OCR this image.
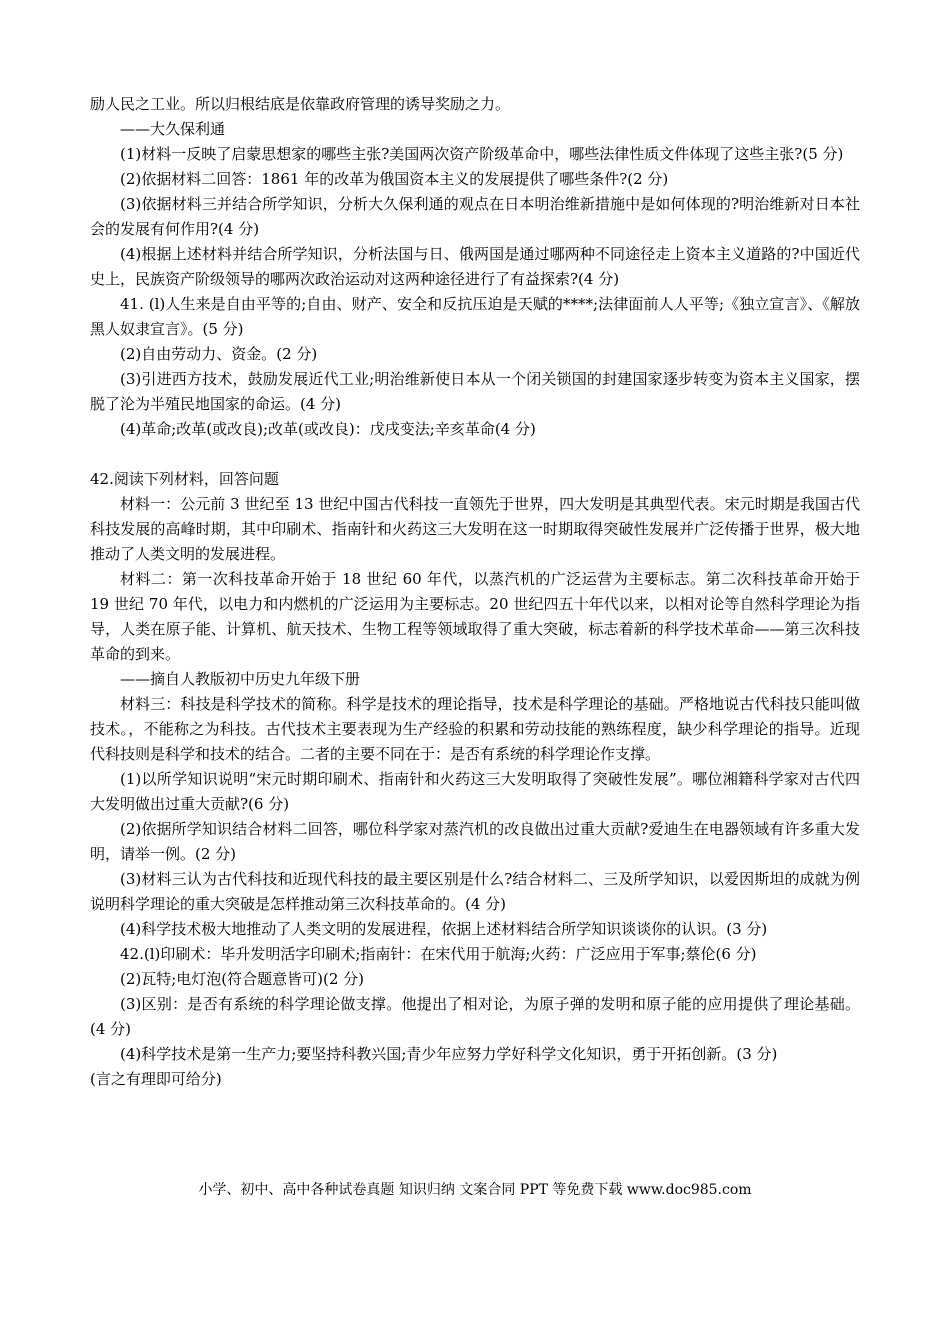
励人民之工业。所以归根结底是依靠政府管理的诱导奖励之力。

——大久保利通

(1)材料一反映了启蒙思想家的哪些主张?美国两次资产阶级革命中，哪些法律性质文件体现了这些主张?(5 分)

(2)依据材料二回答：1861 年的改革为俄国资本主义的发展提供了哪些条件?(2 分)

(3)依据材料三并结合所学知识，分析大久保利通的观点在日本明治维新措施中是如何体现的?明治维新对日本社会的发展有何作用?(4 分)

(4)根据上述材料并结合所学知识，分析法国与日、俄两国是通过哪两种不同途径走上资本主义道路的?中国近代史上，民族资产阶级领导的哪两次政治运动对这两种途径进行了有益探索?(4 分)

41. (l)人生来是自由平等的;自由、财产、安全和反抗压迫是天赋的****;法律面前人人平等;《独立宣言》、《解放黑人奴隶宣言》。(5 分)

(2)自由劳动力、资金。(2 分)

(3)引进西方技术，鼓励发展近代工业;明治维新使日本从一个闭关锁国的封建国家逐步转变为资本主义国家，摆脱了沦为半殖民地国家的命运。(4 分)

(4)革命;改革(或改良);改革(或改良)：戊戌变法;辛亥革命(4 分)

42.阅读下列材料，回答问题

材料一：公元前 3 世纪至 13 世纪中国古代科技一直领先于世界，四大发明是其典型代表。宋元时期是我国古代科技发展的高峰时期，其中印刷术、指南针和火药这三大发明在这一时期取得突破性发展并广泛传播于世界，极大地推动了人类文明的发展进程。

材料二：第一次科技革命开始于 18 世纪 60 年代，以蒸汽机的广泛运营为主要标志。第二次科技革命开始于 19 世纪 70 年代，以电力和内燃机的广泛运用为主要标志。20 世纪四五十年代以来，以相对论等自然科学理论为指导，人类在原子能、计算机、航天技术、生物工程等领域取得了重大突破，标志着新的科学技术革命——第三次科技革命的到来。

——摘自人教版初中历史九年级下册

材料三：科技是科学技术的简称。科学是技术的理论指导，技术是科学理论的基础。严格地说古代科技只能叫做技术。，不能称之为科技。古代技术主要表现为生产经验的积累和劳动技能的熟练程度，缺少科学理论的指导。近现代科技则是科学和技术的结合。二者的主要不同在于：是否有系统的科学理论作支撑。

(1)以所学知识说明“宋元时期印刷术、指南针和火药这三大发明取得了突破性发展”。哪位湘籍科学家对古代四大发明做出过重大贡献?(6 分)

(2)依据所学知识结合材料二回答，哪位科学家对蒸汽机的改良做出过重大贡献?爱迪生在电器领域有许多重大发明，请举一例。(2 分)

(3)材料三认为古代科技和近现代科技的最主要区别是什么?结合材料二、三及所学知识，以爱因斯坦的成就为例说明科学理论的重大突破是怎样推动第三次科技革命的。(4 分)

(4)科学技术极大地推动了人类文明的发展进程，依据上述材料结合所学知识谈谈你的认识。(3 分)

42.(l)印刷术：毕升发明活字印刷术;指南针：在宋代用于航海;火药：广泛应用于军事;蔡伦(6 分)

(2)瓦特;电灯泡(符合题意皆可)(2 分)

(3)区别：是否有系统的科学理论做支撑。他提出了相对论，为原子弹的发明和原子能的应用提供了理论基础。(4 分)

(4)科学技术是第一生产力;要坚持科教兴国;青少年应努力学好科学文化知识，勇于开拓创新。(3 分)

(言之有理即可给分)

小学、初中、高中各种试卷真题 知识归纳 文案合同 PPT 等免费下载 www.doc985.com
